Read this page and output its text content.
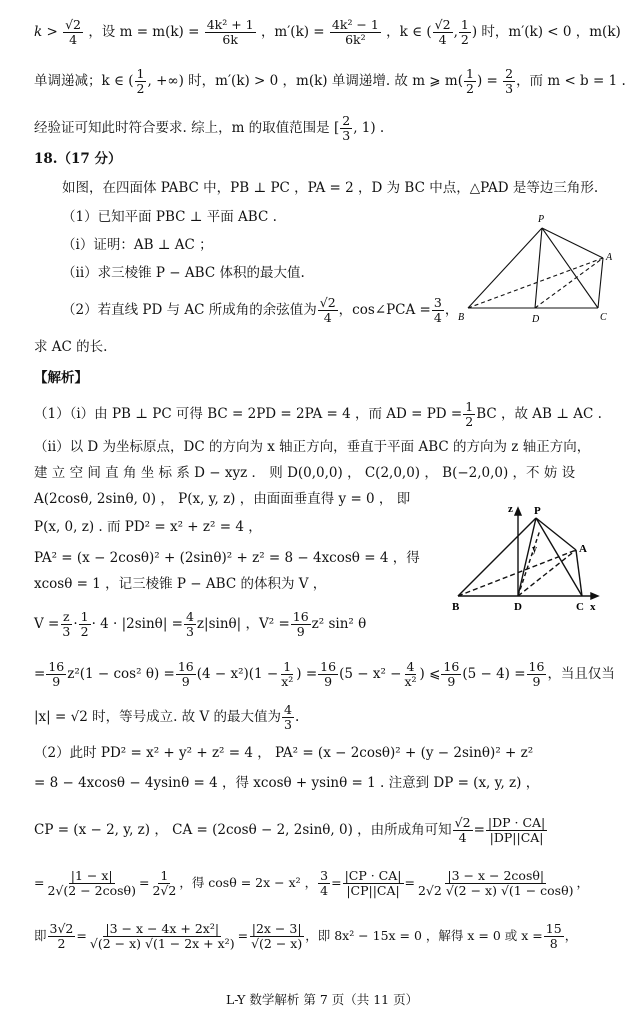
$k > \frac{√2}{4}$ ，设 $m = m(k) = \frac{\text{4k² + 1}}{6k}$ ，$m'(k) = \frac{\text{4k² − 1}}{\text{6k²}}$ ，k ∈ ( $\frac{√2}{4}$ , $\frac{1}{2}$ ) 时，m′(k) < 0 ，m(k)
单调递减；k ∈ ( $\frac{1}{2}$ , +∞) 时，m′(k) > 0 ，m(k) 单调递增. 故 m ⩾ $m( \frac{1}{2}$ ) = $\frac{2}{3}$ ，而 m < b = 1 .
经验证可知此时符合要求. 综上，m 的取值范围是 [ $\frac{2}{3}$ , 1) .
18.（17 分）
如图，在四面体 PABC 中，PB ⊥ PC ，PA = 2 ，D 为 BC 中点，△PAD 是等边三角形.
（1）已知平面 PBC ⊥ 平面 ABC .
（i）证明：AB ⊥ AC ；
（ii）求三棱锥 P − ABC 体积的最大值.
（2）若直线 PD 与 AC 所成角的余弦值为 $\frac{√2}{4}$ ，cos∠PCA = $\frac{3}{4}$ ，
求 AC 的长.
P
A
B	D	C
【解析】
（1）（i）由 PB ⊥ PC 可得 BC = 2PD = 2PA = 4 ，而 AD = PD = $\frac{1}{2}$ BC ，故 AB ⊥ AC .
（ii）以 D 为坐标原点，DC 的方向为 x 轴正方向，垂直于平面 ABC 的方向为 z 轴正方向，
建 立 空 间 直 角 坐 标 系 D − xyz ． 则 D(0,0,0) ， C(2,0,0) ， B(−2,0,0) ，不 妨 设
A(2cosθ, 2sinθ, 0) ， P(x, y, z) ，由面面垂直得 y = 0 ， 即
P(x, 0, z) . 而 PD² = x² + z² = 4 ，
PA² = (x − 2cosθ)² + (2sinθ)² + z² = 8 − 4xcosθ = 4 ，得
xcosθ = 1 ，记三棱锥 P − ABC 的体积为 V ，
$V = \frac{z}{3} \cdot \frac{1}{2} \cdot 4 \cdot |2\sin\theta| = \frac{4}{3} z|\sin\theta|$ ，$V^2 = \frac{16}{9} z^2$ sin² θ
z P
y	A
B	D	C x
= $\frac{16}{9} z^2(1 - \cos^2$ $\theta) = \frac{16}{9} (4 - x^2)(1 - \frac{1}{\text{x²}}$ ) = $\frac{16}{9} (5 - x^2 - \frac{4}{\text{x²}}$ ) ⩽ $\frac{16}{9} (5 - 4) = \frac{16}{9}$ ，当且仅当
|x| = √2 时，等号成立. 故 V 的最大值为 $\frac{4}{3}$ .
（2）此时 PD² = x² + y² + z² = 4 ， PA² = (x − 2cosθ)² + (y − 2sinθ)² + z²
= 8 − 4xcosθ − 4ysinθ = 4 ，得 xcosθ + ysinθ = 1 . 注意到 DP = (x, y, z) ，
CP = (x − 2, y, z) ， CA = (2cosθ − 2, 2sinθ, 0) ，由所成角可知 $\frac{√2}{4} = \frac{|DP \cdot CA|}{|DP||CA|}$
= $\frac{|1 - x|}{2√(2 - 2\cos\theta)} = \frac{1}{2√2}$ ，得 cosθ = 2x − x² ， $\frac{3}{4} = \frac{|CP \cdot CA|}{|CP||CA|} = \frac{|3 - x - 2\cos\theta|}{2√2 √(2 - x) √(1 - \cos\theta)}$ ，
即 $\frac{3√2}{2} = \frac{\text{|3 − x − 4x + 2x²|}}{\text{√(2 − x) √(1 − 2x + x²)}} = \frac{|2x - 3|}{√(2 - x)}$ ，即 8x² − 15x = 0 ，解得 x = 0 或 $x = \frac{15}{8}$ ，
L-Y 数学解析 第 7 页（共 11 页）
